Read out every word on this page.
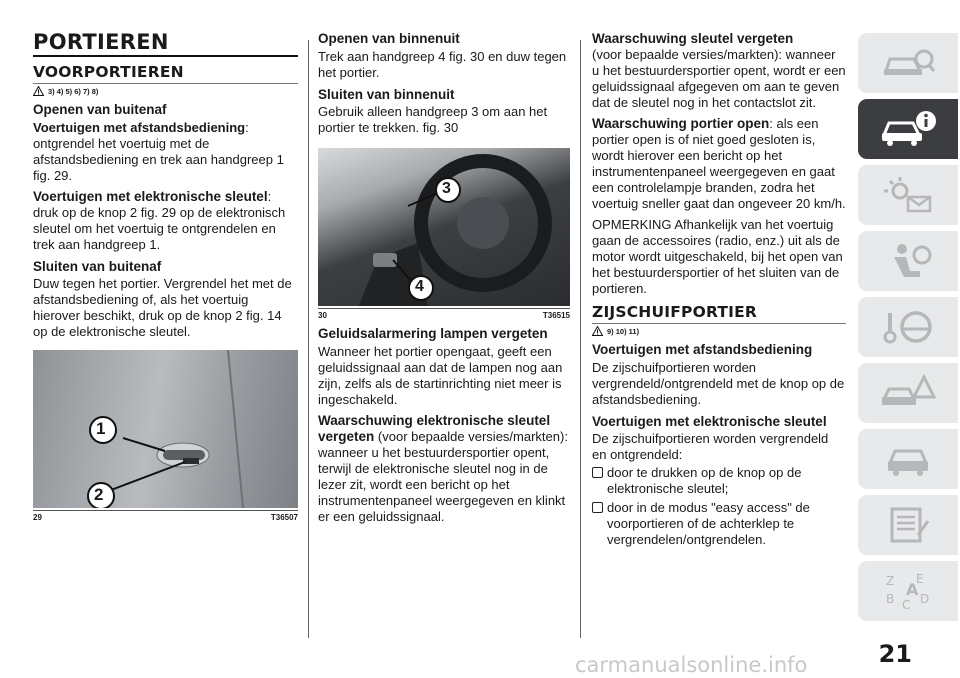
PORTIEREN
VOORPORTIEREN
3) 4) 5) 6) 7) 8)
Openen van buitenaf

Voertuigen met afstandsbediening: ontgrendel het voertuig met de afstandsbediening en trek aan handgreep 1 fig. 29.

Voertuigen met elektronische sleutel: druk op de knop 2 fig. 29 op de elektronisch sleutel om het voertuig te ontgrendelen en trek aan handgreep 1.

Sluiten van buitenaf

Duw tegen het portier. Vergrendel het met de afstandsbediening of, als het voertuig hierover beschikt, druk op de knop 2 fig. 14 op de elektronische sleutel.

1
2
29	T36507
Openen van binnenuit

Trek aan handgreep 4 fig. 30 en duw tegen het portier.

Sluiten van binnenuit

Gebruik alleen handgreep 3 om aan het portier te trekken. fig. 30

3
4
30	T36515
Geluidsalarmering lampen vergeten

Wanneer het portier opengaat, geeft een geluidssignaal aan dat de lampen nog aan zijn, zelfs als de startinrichting niet meer is ingeschakeld.

Waarschuwing elektronische sleutel vergeten (voor bepaalde versies/markten): wanneer u het bestuurdersportier opent, terwijl de elektronische sleutel nog in de lezer zit, wordt een bericht op het instrumentenpaneel weergegeven en klinkt er een geluidssignaal.

Waarschuwing sleutel vergeten
(voor bepaalde versies/markten): wanneer u het bestuurdersportier opent, wordt er een geluidssignaal afgegeven om aan te geven dat de sleutel nog in het contactslot zit.

Waarschuwing portier open: als een portier open is of niet goed gesloten is, wordt hierover een bericht op het instrumentenpaneel weergegeven en gaat een controlelampje branden, zodra het voertuig sneller gaat dan ongeveer 20 km/h.

OPMERKING Afhankelijk van het voertuig gaan de accessoires (radio, enz.) uit als de motor wordt uitgeschakeld, bij het open van het bestuurdersportier of het sluiten van de portieren.

ZIJSCHUIFPORTIER
9) 10) 11)
Voertuigen met afstandsbediening

De zijschuifportieren worden vergrendeld/ontgrendeld met de knop op de afstandsbediening.

Voertuigen met elektronische sleutel

De zijschuifportieren worden vergrendeld en ontgrendeld:

door te drukken op de knop op de elektronische sleutel;
door in de modus "easy access" de voorportieren of de achterklep te vergrendelen/ontgrendelen.
Z E
B C D
A
21
carmanualsonline.info
